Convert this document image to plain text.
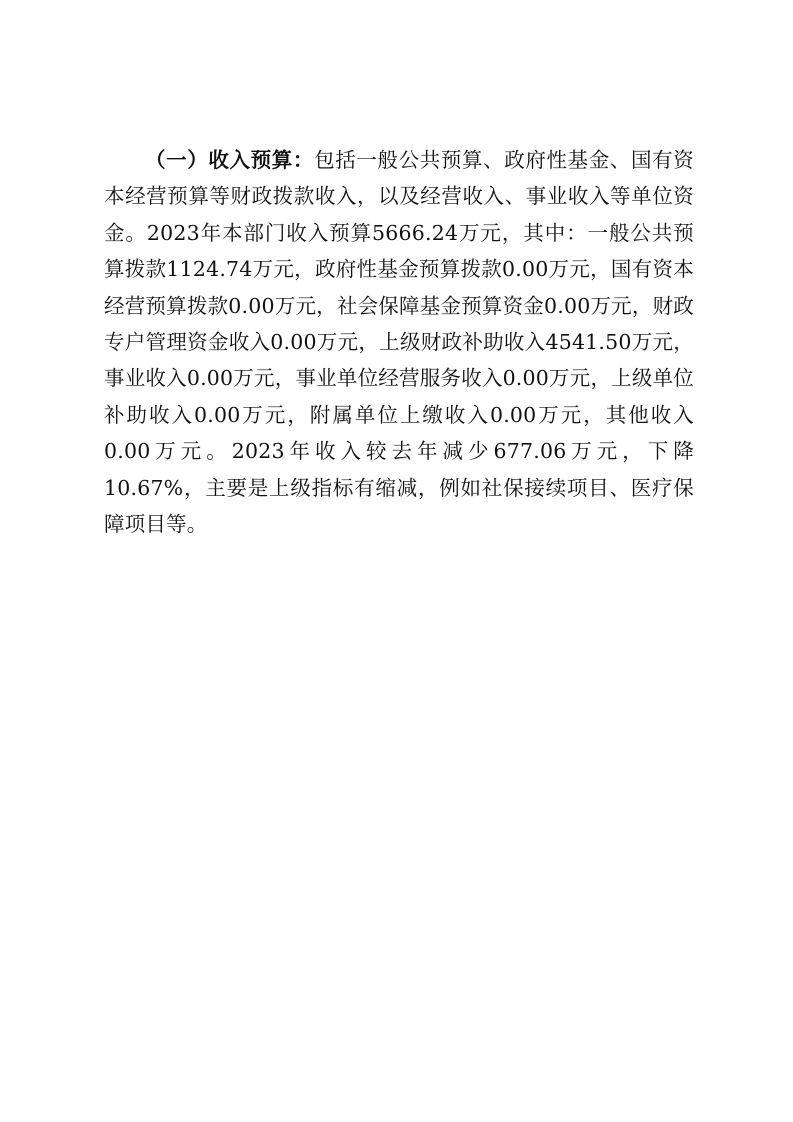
（一）收入预算：包括一般公共预算、政府性基金、国有资本经营预算等财政拨款收入，以及经营收入、事业收入等单位资金。2023年本部门收入预算5666.24万元，其中：一般公共预算拨款1124.74万元，政府性基金预算拨款0.00万元，国有资本经营预算拨款0.00万元，社会保障基金预算资金0.00万元，财政专户管理资金收入0.00万元，上级财政补助收入4541.50万元，事业收入0.00万元，事业单位经营服务收入0.00万元，上级单位补助收入0.00万元，附属单位上缴收入0.00万元，其他收入0.00万元。2023年收入较去年减少677.06万元，下降10.67%，主要是上级指标有缩减，例如社保接续项目、医疗保障项目等。
